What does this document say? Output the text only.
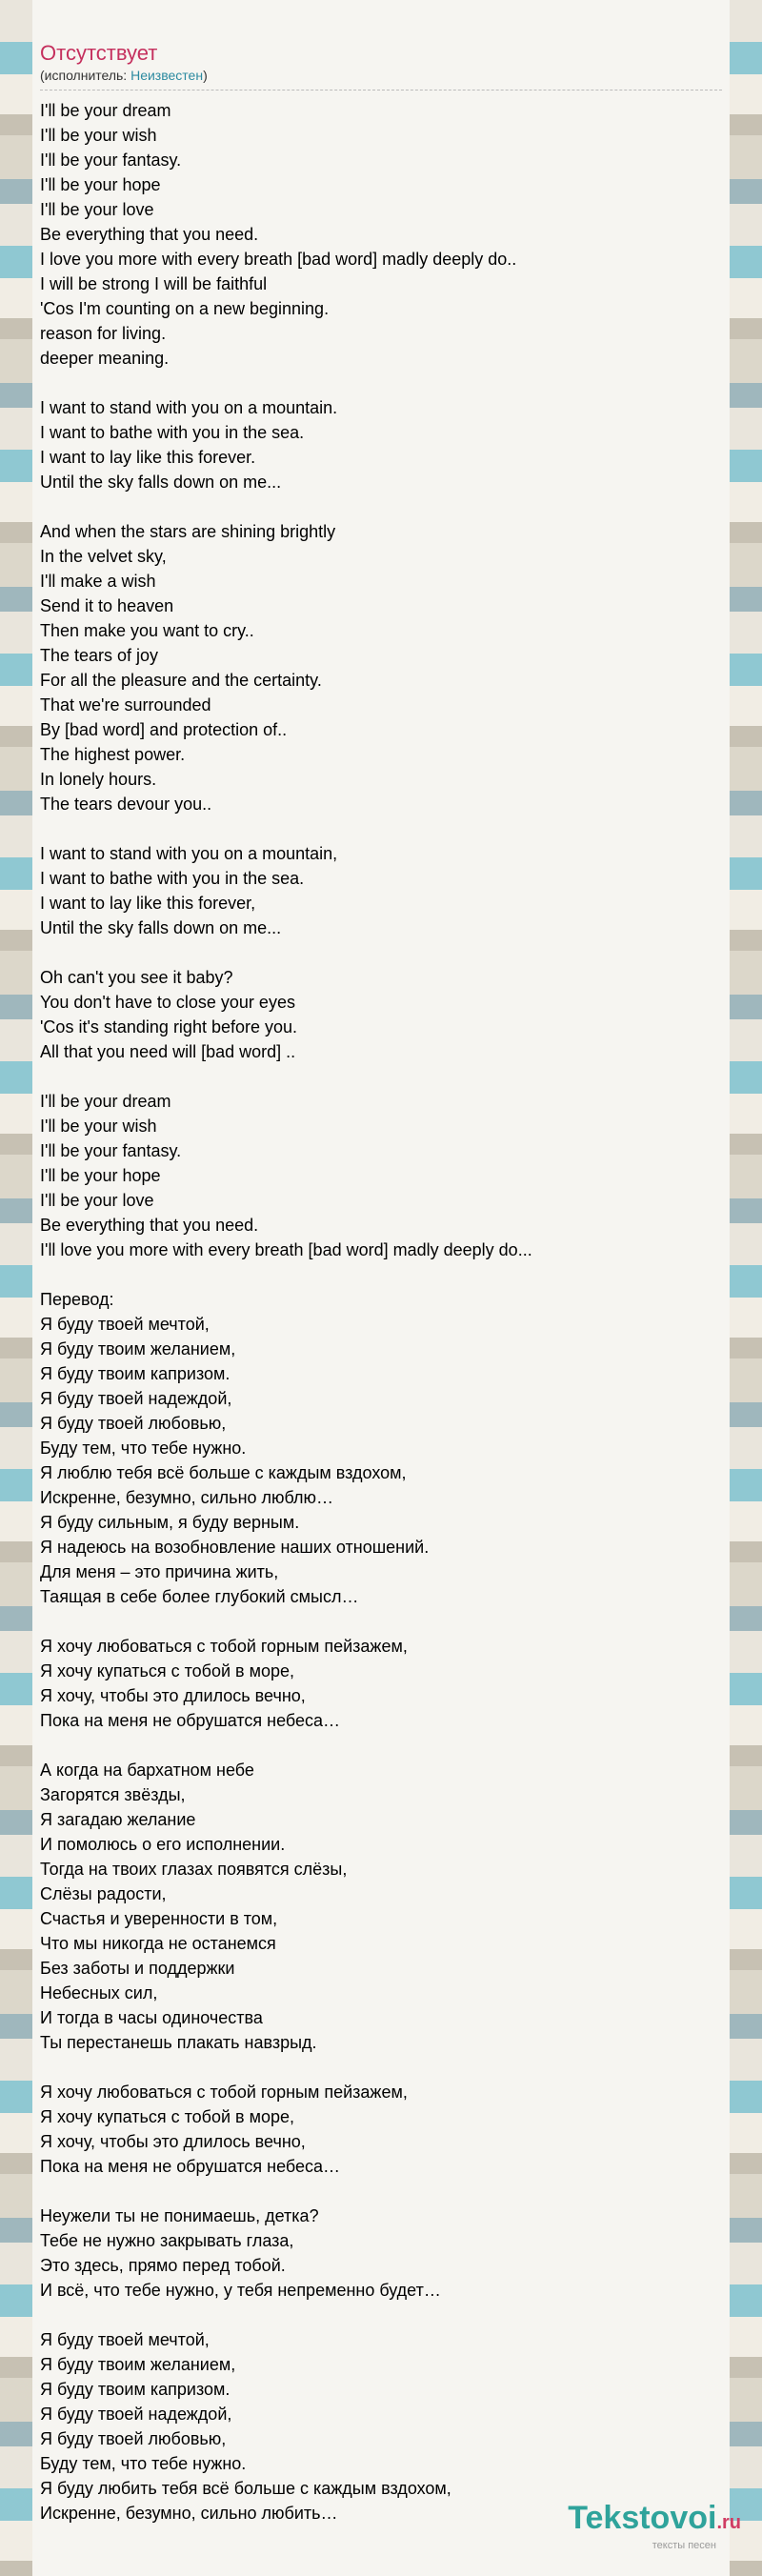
Отсутствует
(исполнитель: Неизвестен)
I'll be your dream
I'll be your wish
I'll be your fantasy.
I'll be your hope
I'll be your love
Be everything that you need.
I love you more with every breath [bad word] madly deeply do..
I will be strong I will be faithful
'Cos I'm counting on a new beginning.
reason for living.
deeper meaning.
I want to stand with you on a mountain.
I want to bathe with you in the sea.
I want to lay like this forever.
Until the sky falls down on me...
And when the stars are shining brightly
In the velvet sky,
I'll make a wish
Send it to heaven
Then make you want to cry..
The tears of joy
For all the pleasure and the certainty.
That we're surrounded
By [bad word] and protection of..
The highest power.
In lonely hours.
The tears devour you..
I want to stand with you on a mountain,
I want to bathe with you in the sea.
I want to lay like this forever,
Until the sky falls down on me...
Oh can't you see it baby?
You don't have to close your eyes
'Cos it's standing right before you.
All that you need will [bad word] ..
I'll be your dream
I'll be your wish
I'll be your fantasy.
I'll be your hope
I'll be your love
Be everything that you need.
I'll love you more with every breath [bad word] madly deeply do...
Перевод:
Я буду твоей мечтой,
Я буду твоим желанием,
Я буду твоим капризом.
Я буду твоей надеждой,
Я буду твоей любовью,
Буду тем, что тебе нужно.
Я люблю тебя всё больше с каждым вздохом,
Искренне, безумно, сильно люблю…
Я буду сильным, я буду верным.
Я надеюсь на возобновление наших отношений.
Для меня – это причина жить,
Таящая в себе более глубокий смысл…
Я хочу любоваться с тобой горным пейзажем,
Я хочу купаться с тобой в море,
Я хочу, чтобы это длилось вечно,
Пока на меня не обрушатся небеса…
А когда на бархатном небе
Загорятся звёзды,
Я загадаю желание
И помолюсь о его исполнении.
Тогда на твоих глазах появятся слёзы,
Слёзы радости,
Счастья и уверенности в том,
Что мы никогда не останемся
Без заботы и поддержки
Небесных сил,
И тогда в часы одиночества
Ты перестанешь плакать навзрыд.
Я хочу любоваться с тобой горным пейзажем,
Я хочу купаться с тобой в море,
Я хочу, чтобы это длилось вечно,
Пока на меня не обрушатся небеса…
Неужели ты не понимаешь, детка?
Тебе не нужно закрывать глаза,
Это здесь, прямо перед тобой.
И всё, что тебе нужно, у тебя непременно будет…
Я буду твоей мечтой,
Я буду твоим желанием,
Я буду твоим капризом.
Я буду твоей надеждой,
Я буду твоей любовью,
Буду тем, что тебе нужно.
Я буду любить тебя всё больше с каждым вздохом,
Искренне, безумно, сильно любить…	Tekstovoi.ru
тексты песен
